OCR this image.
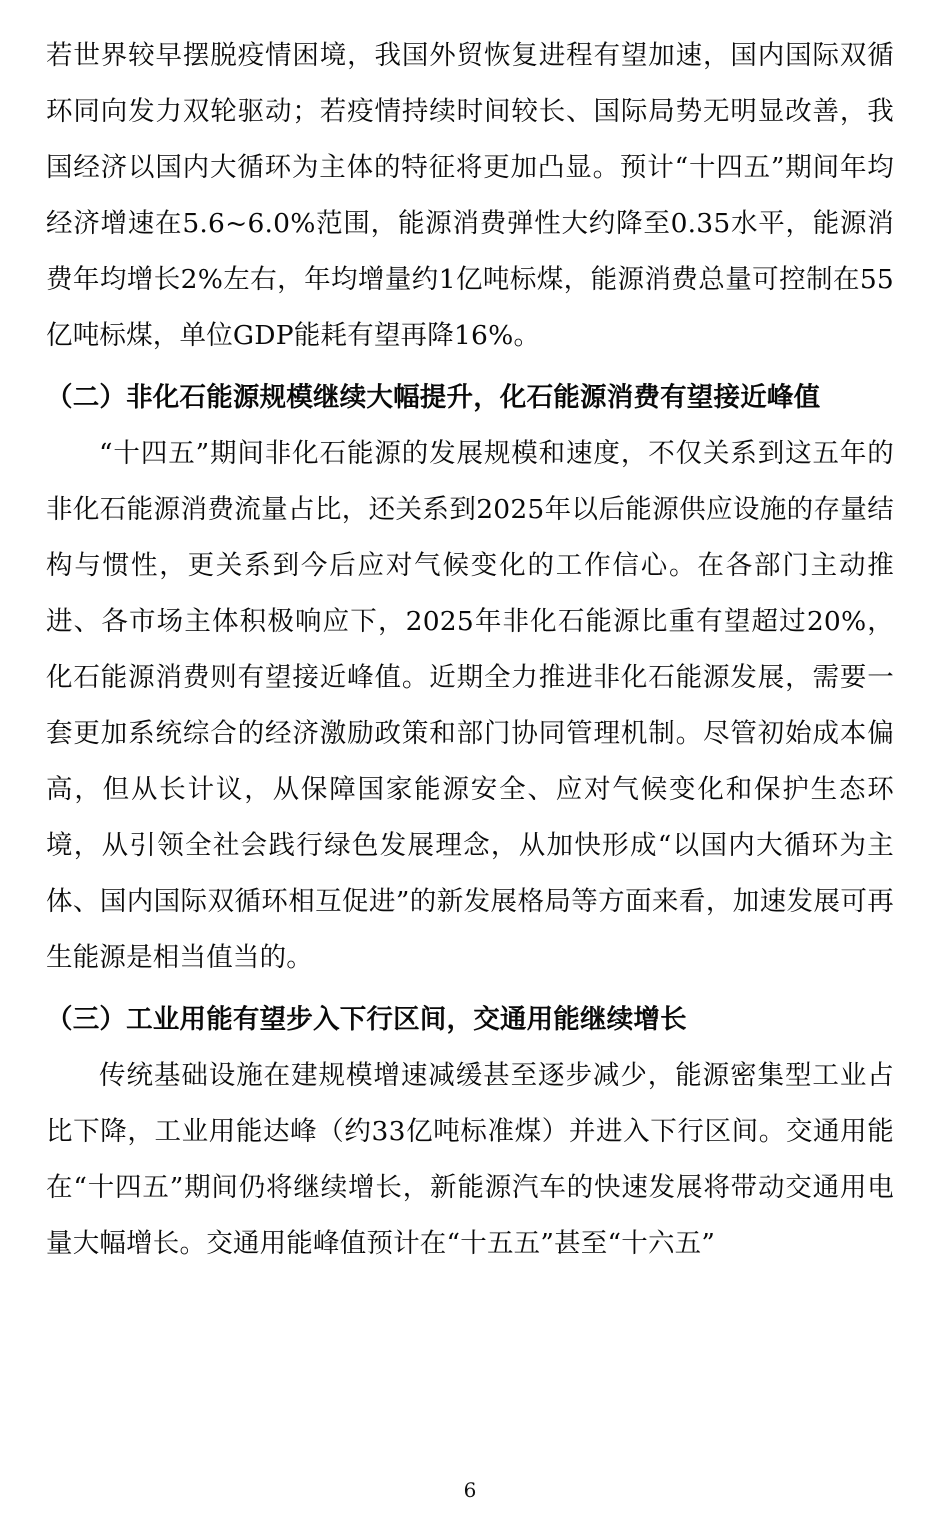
若世界较早摆脱疫情困境，我国外贸恢复进程有望加速，国内国际双循环同向发力双轮驱动；若疫情持续时间较长、国际局势无明显改善，我国经济以国内大循环为主体的特征将更加凸显。预计“十四五”期间年均经济增速在5.6~6.0%范围，能源消费弹性大约降至0.35水平，能源消费年均增长2%左右，年均增量约1亿吨标煤，能源消费总量可控制在55亿吨标煤，单位GDP能耗有望再降16%。

（二）非化石能源规模继续大幅提升，化石能源消费有望接近峰值

“十四五”期间非化石能源的发展规模和速度，不仅关系到这五年的非化石能源消费流量占比，还关系到2025年以后能源供应设施的存量结构与惯性，更关系到今后应对气候变化的工作信心。在各部门主动推进、各市场主体积极响应下，2025年非化石能源比重有望超过20%，化石能源消费则有望接近峰值。近期全力推进非化石能源发展，需要一套更加系统综合的经济激励政策和部门协同管理机制。尽管初始成本偏高，但从长计议，从保障国家能源安全、应对气候变化和保护生态环境，从引领全社会践行绿色发展理念，从加快形成“以国内大循环为主体、国内国际双循环相互促进”的新发展格局等方面来看，加速发展可再生能源是相当值当的。

（三）工业用能有望步入下行区间，交通用能继续增长

传统基础设施在建规模增速减缓甚至逐步减少，能源密集型工业占比下降，工业用能达峰（约33亿吨标准煤）并进入下行区间。交通用能在“十四五”期间仍将继续增长，新能源汽车的快速发展将带动交通用电量大幅增长。交通用能峰值预计在“十五五”甚至“十六五”

6
